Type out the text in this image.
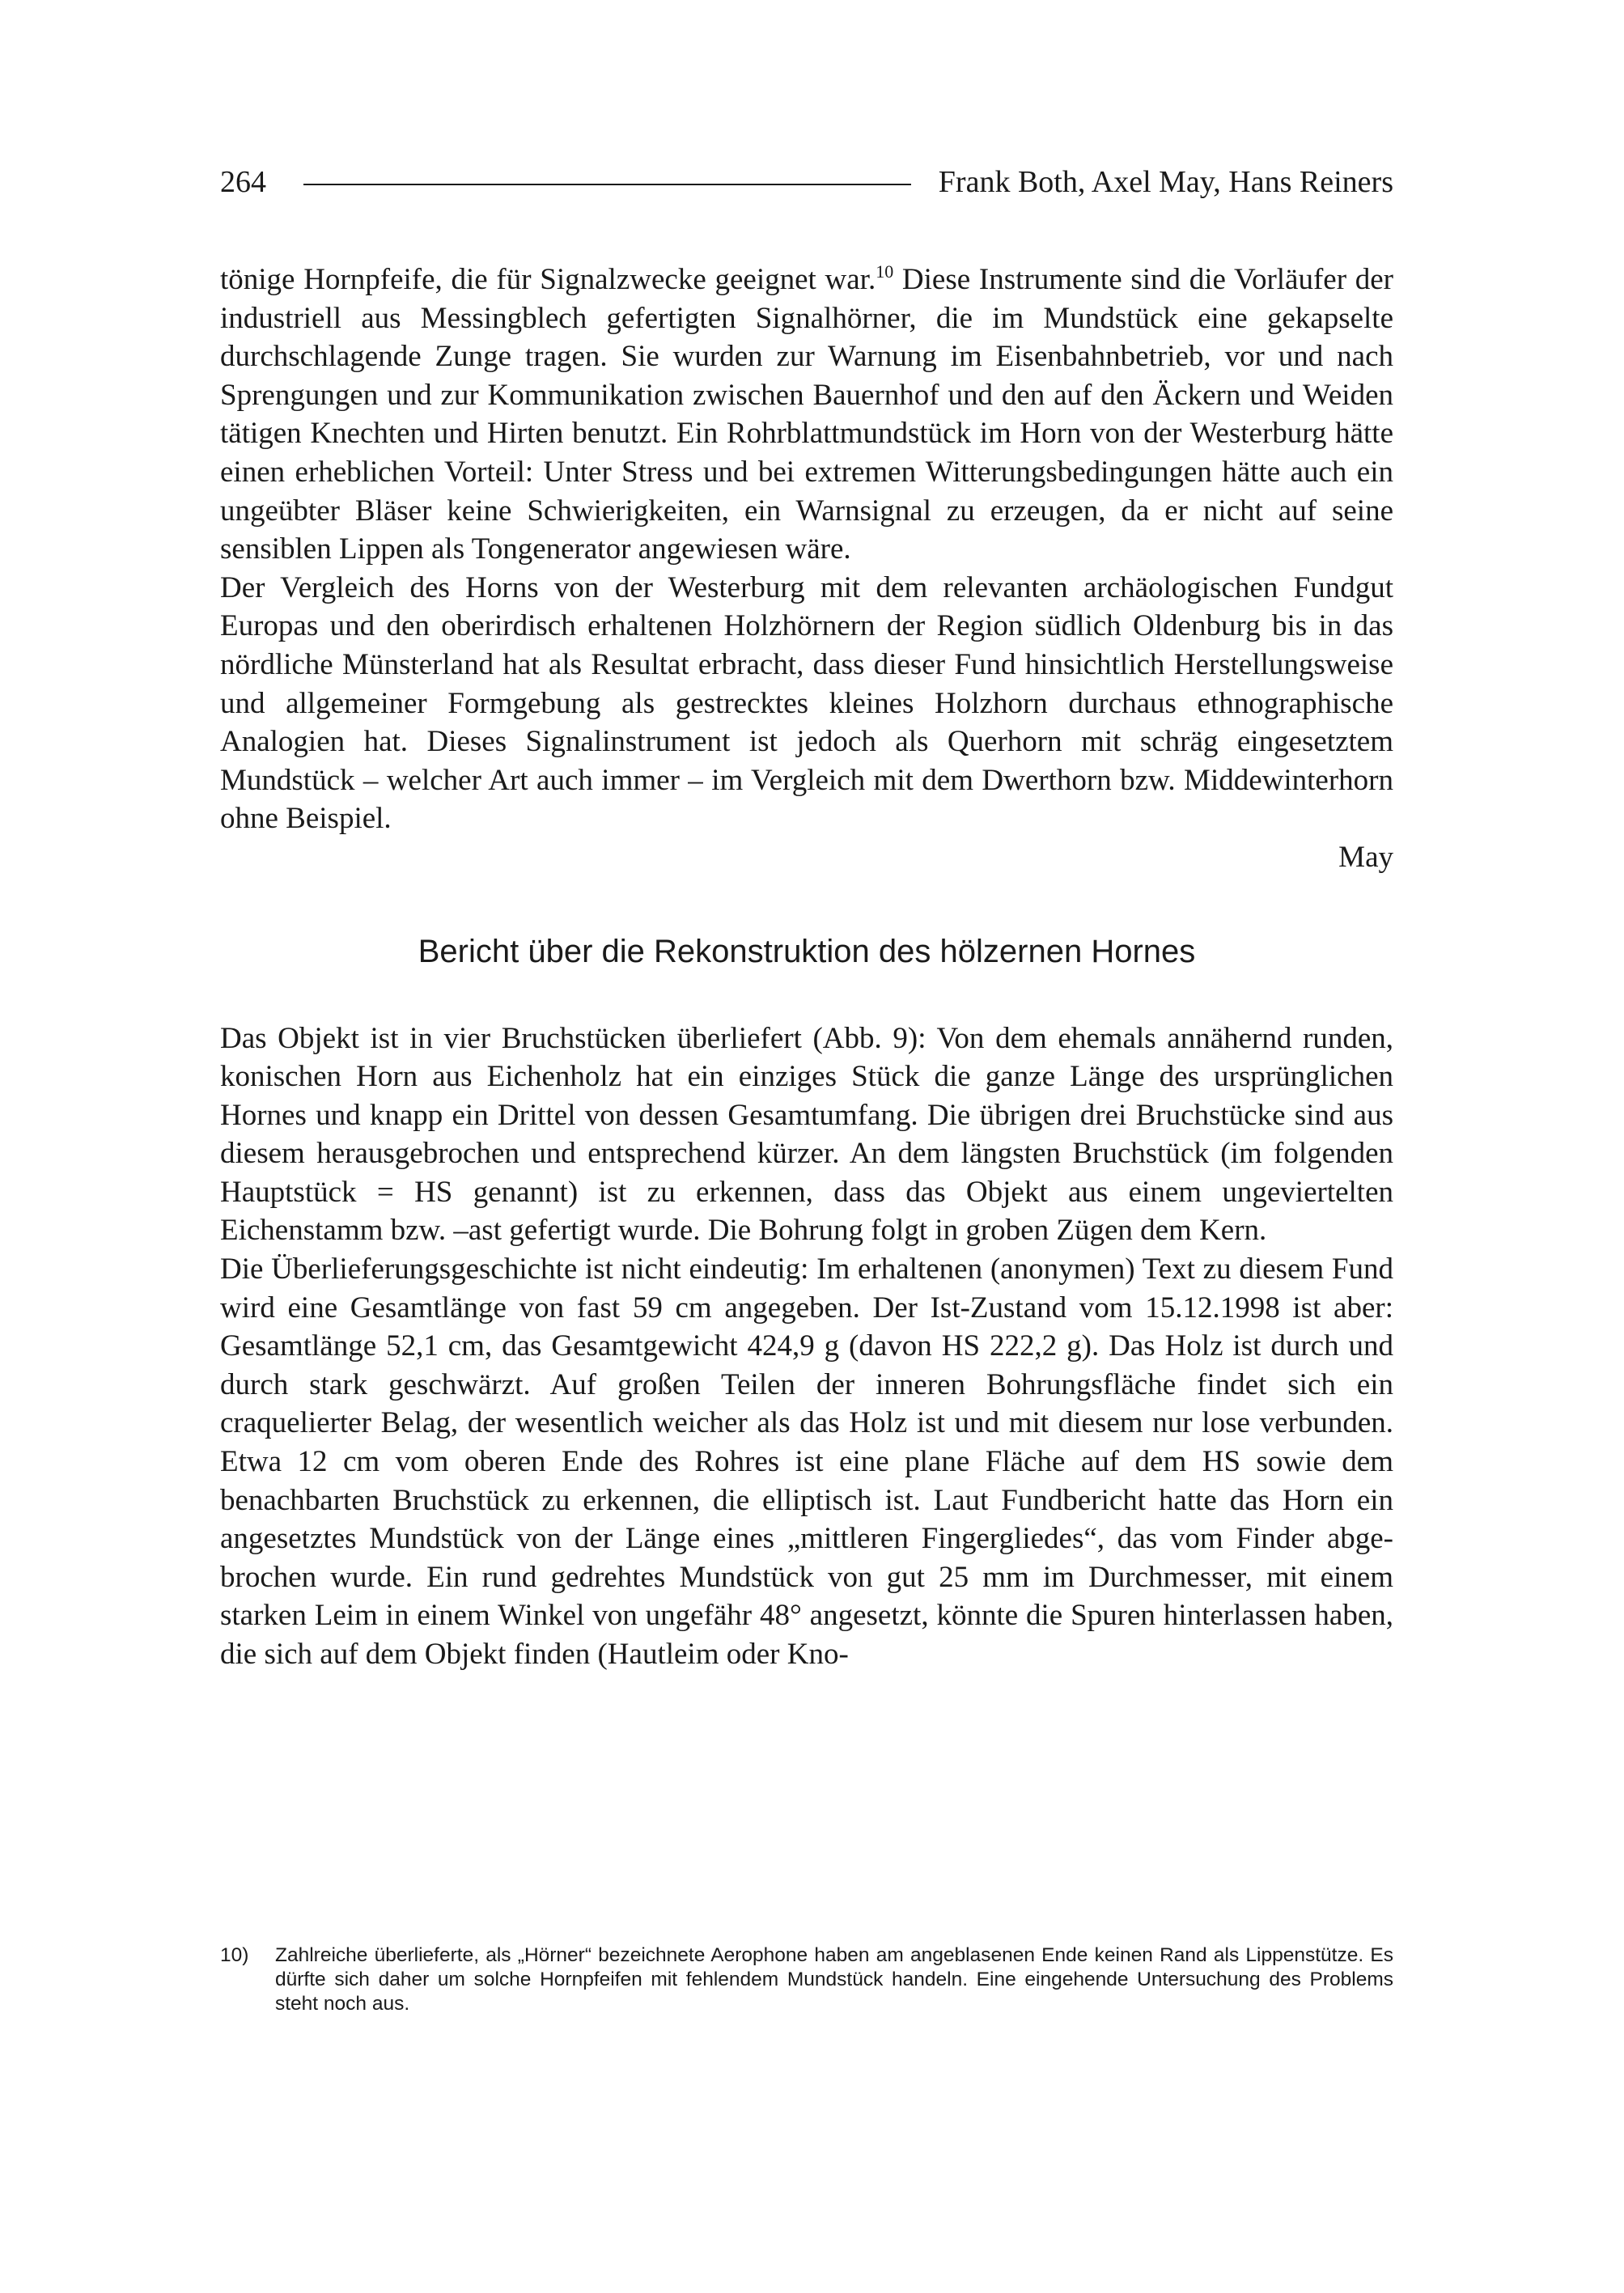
264	Frank Both, Axel May, Hans Reiners

tönige Hornpfeife, die für Signalzwecke geeignet war.$^{10}$ Diese Instrumente sind die Vorläufer der industriell aus Messingblech gefertigten Signalhörner, die im Mundstück eine gekapselte durchschlagende Zunge tragen. Sie wurden zur Warnung im Eisenbahnbetrieb, vor und nach Sprengungen und zur Kommunikation zwischen Bauernhof und den auf den Äckern und Weiden tätigen Knechten und Hirten benutzt. Ein Rohrblattmundstück im Horn von der Westerburg hätte einen erheblichen Vorteil: Unter Stress und bei extremen Witterungsbedingungen hätte auch ein ungeübter Bläser keine Schwierigkeiten, ein Warnsignal zu erzeugen, da er nicht auf seine sensiblen Lippen als Tongenerator angewiesen wäre.

Der Vergleich des Horns von der Westerburg mit dem relevanten archäologischen Fundgut Europas und den oberirdisch erhaltenen Holzhörnern der Region südlich Oldenburg bis in das nördliche Münsterland hat als Resultat erbracht, dass dieser Fund hinsichtlich Herstellungsweise und allgemeiner Formgebung als gestrecktes kleines Holzhorn durchaus ethnographische Analogien hat. Dieses Signalinstrument ist jedoch als Querhorn mit schräg eingesetztem Mundstück – welcher Art auch immer – im Vergleich mit dem Dwerthorn bzw. Middewinterhorn ohne Beispiel.

May
Bericht über die Rekonstruktion des hölzernen Hornes

Das Objekt ist in vier Bruchstücken überliefert (Abb. 9): Von dem ehemals annähernd runden, konischen Horn aus Eichenholz hat ein einziges Stück die ganze Länge des ursprünglichen Hornes und knapp ein Drittel von dessen Gesamtumfang. Die übrigen drei Bruchstücke sind aus diesem herausgebrochen und entsprechend kürzer. An dem längsten Bruchstück (im folgenden Hauptstück = HS genannt) ist zu erkennen, dass das Objekt aus einem ungeviertelten Eichenstamm bzw. –ast gefertigt wurde. Die Bohrung folgt in groben Zügen dem Kern.

Die Überlieferungsgeschichte ist nicht eindeutig: Im erhaltenen (anonymen) Text zu diesem Fund wird eine Gesamtlänge von fast 59 cm angegeben. Der Ist-Zustand vom 15.12.1998 ist aber: Gesamtlänge 52,1 cm, das Gesamtgewicht 424,9 g (davon HS 222,2 g). Das Holz ist durch und durch stark geschwärzt. Auf großen Teilen der inneren Bohrungsfläche findet sich ein craquelierter Belag, der wesentlich weicher als das Holz ist und mit diesem nur lose verbunden. Etwa 12 cm vom oberen Ende des Rohres ist eine plane Fläche auf dem HS sowie dem benachbarten Bruchstück zu erkennen, die elliptisch ist. Laut Fundbericht hatte das Horn ein angesetztes Mundstück von der Länge eines „mittleren Fingergliedes“, das vom Finder abgebrochen wurde. Ein rund gedrehtes Mundstück von gut 25 mm im Durchmesser, mit einem starken Leim in einem Winkel von ungefähr 48° angesetzt, könnte die Spuren hinterlassen haben, die sich auf dem Objekt finden (Hautleim oder Kno-

10)	Zahlreiche überlieferte, als „Hörner“ bezeichnete Aerophone haben am angeblasenen Ende keinen Rand als Lippenstütze. Es dürfte sich daher um solche Hornpfeifen mit fehlendem Mundstück handeln. Eine eingehende Untersuchung des Problems steht noch aus.
